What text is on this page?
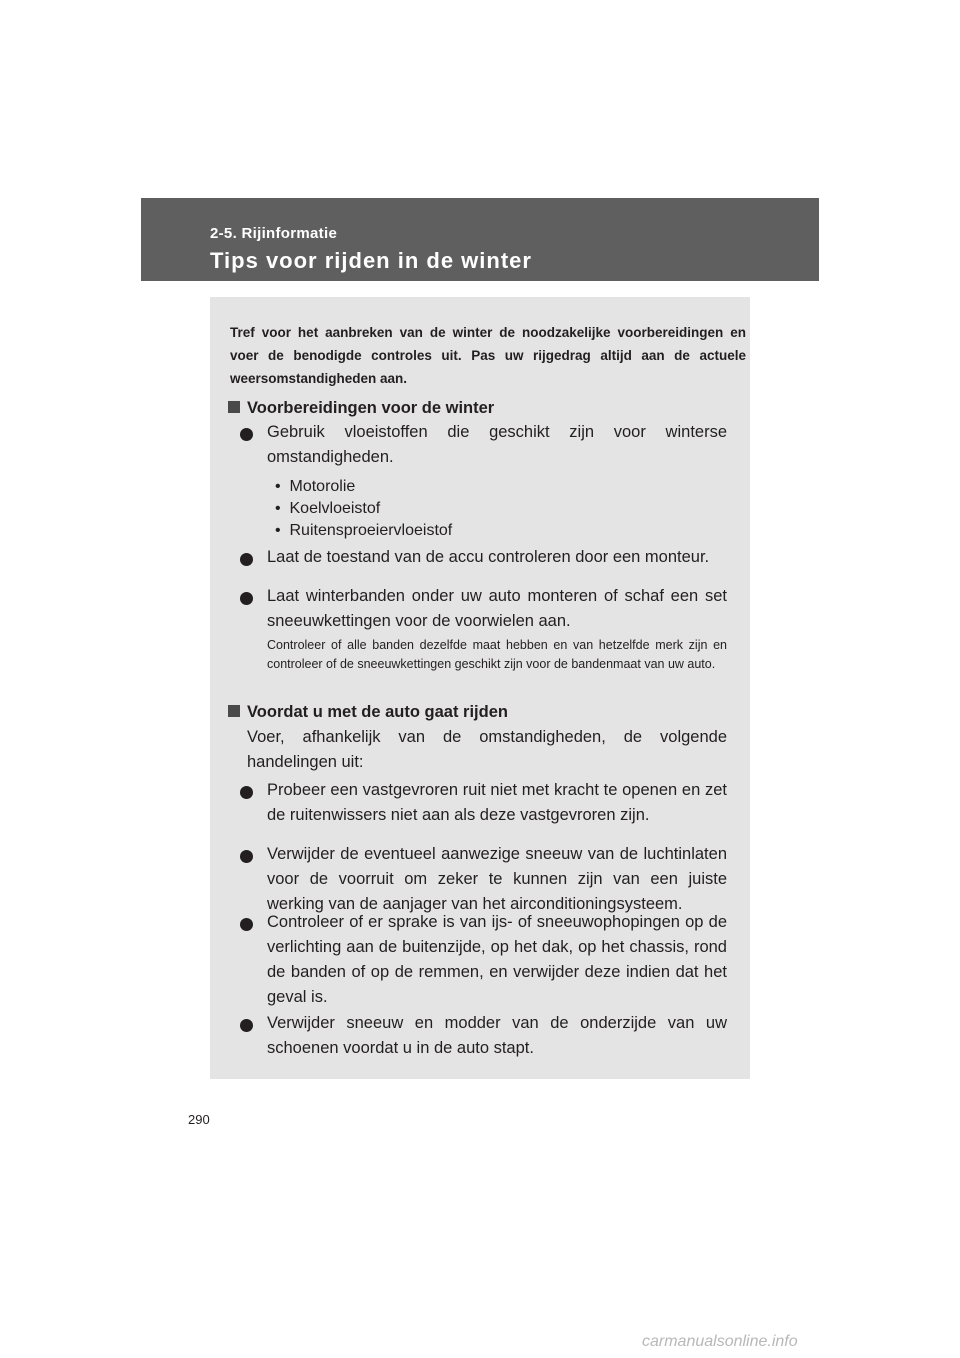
2-5. Rijinformatie
Tips voor rijden in de winter

Tref voor het aanbreken van de winter de noodzakelijke voorbereidingen en voer de benodigde controles uit. Pas uw rijgedrag altijd aan de actuele weersomstandigheden aan.

Voorbereidingen voor de winter

Gebruik vloeistoffen die geschikt zijn voor winterse omstandigheden.

•  Motorolie
•  Koelvloeistof
•  Ruitensproeiervloeistof

Laat de toestand van de accu controleren door een monteur.

Laat winterbanden onder uw auto monteren of schaf een set sneeuwkettingen voor de voorwielen aan.

Controleer of alle banden dezelfde maat hebben en van hetzelfde merk zijn en controleer of de sneeuwkettingen geschikt zijn voor de bandenmaat van uw auto.

Voordat u met de auto gaat rijden

Voer, afhankelijk van de omstandigheden, de volgende handelingen uit:

Probeer een vastgevroren ruit niet met kracht te openen en zet de ruitenwissers niet aan als deze vastgevroren zijn.

Verwijder de eventueel aanwezige sneeuw van de luchtinlaten voor de voorruit om zeker te kunnen zijn van een juiste werking van de aanjager van het airconditioningsysteem.

Controleer of er sprake is van ijs- of sneeuwophopingen op de verlichting aan de buitenzijde, op het dak, op het chassis, rond de banden of op de remmen, en verwijder deze indien dat het geval is.

Verwijder sneeuw en modder van de onderzijde van uw schoenen voordat u in de auto stapt.

290
carmanualsonline.info
